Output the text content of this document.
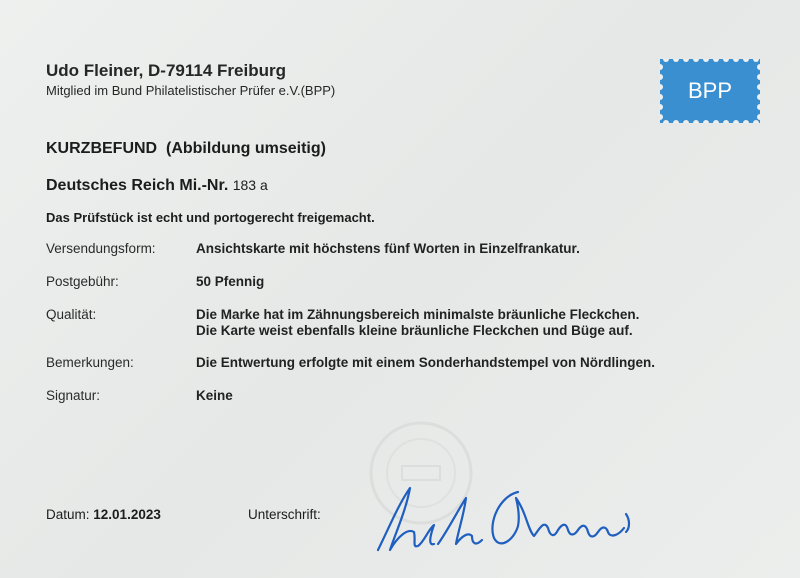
Udo Fleiner, D-79114 Freiburg
Mitglied im Bund Philatelistischer Prüfer e.V.(BPP)	BPP
KURZBEFUND  (Abbildung umseitig)
Deutsches Reich Mi.-Nr. 183 a
Das Prüfstück ist echt und portogerecht freigemacht.
Versendungsform:	Ansichtskarte mit höchstens fünf Worten in Einzelfrankatur.
Postgebühr:	50 Pfennig
Qualität:	Die Marke hat im Zähnungsbereich minimalste bräunliche Fleckchen.
Die Karte weist ebenfalls kleine bräunliche Fleckchen und Büge auf.
Bemerkungen:	Die Entwertung erfolgte mit einem Sonderhandstempel von Nördlingen.
Signatur:	Keine
Datum: 12.01.2023	Unterschrift:
